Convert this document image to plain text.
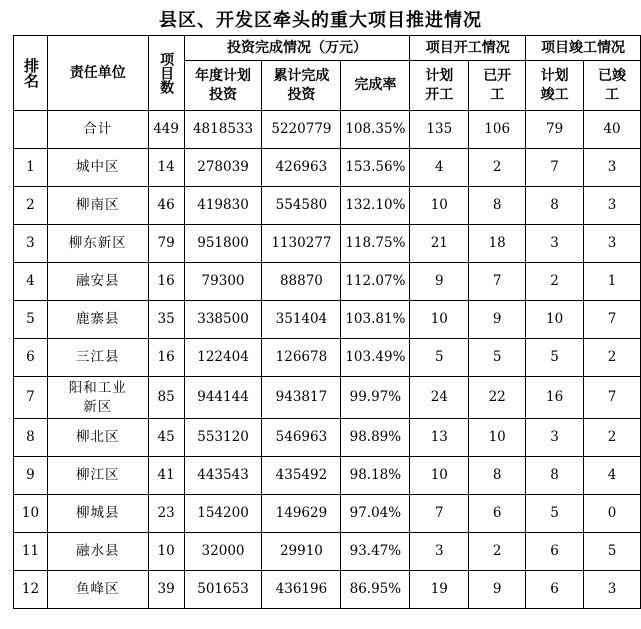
县区、开发区牵头的重大项目推进情况
排名	责任单位	项目数	投资完成情况（万元）			项目开工情况		项目竣工情况	
			年度计划投资	累计完成投资	完成率	计划开工	已开工	计划竣工	已竣工
	合计	449	4818533	5220779	108.35%	135	106	79	40
1	城中区	14	278039	426963	153.56%	4	2	7	3
2	柳南区	46	419830	554580	132.10%	10	8	8	3
3	柳东新区	79	951800	1130277	118.75%	21	18	3	3
4	融安县	16	79300	88870	112.07%	9	7	2	1
5	鹿寨县	35	338500	351404	103.81%	10	9	10	7
6	三江县	16	122404	126678	103.49%	5	5	5	2
7	阳和工业新区	85	944144	943817	99.97%	24	22	16	7
8	柳北区	45	553120	546963	98.89%	13	10	3	2
9	柳江区	41	443543	435492	98.18%	10	8	8	4
10	柳城县	23	154200	149629	97.04%	7	6	5	0
11	融水县	10	32000	29910	93.47%	3	2	6	5
12	鱼峰区	39	501653	436196	86.95%	19	9	6	3
